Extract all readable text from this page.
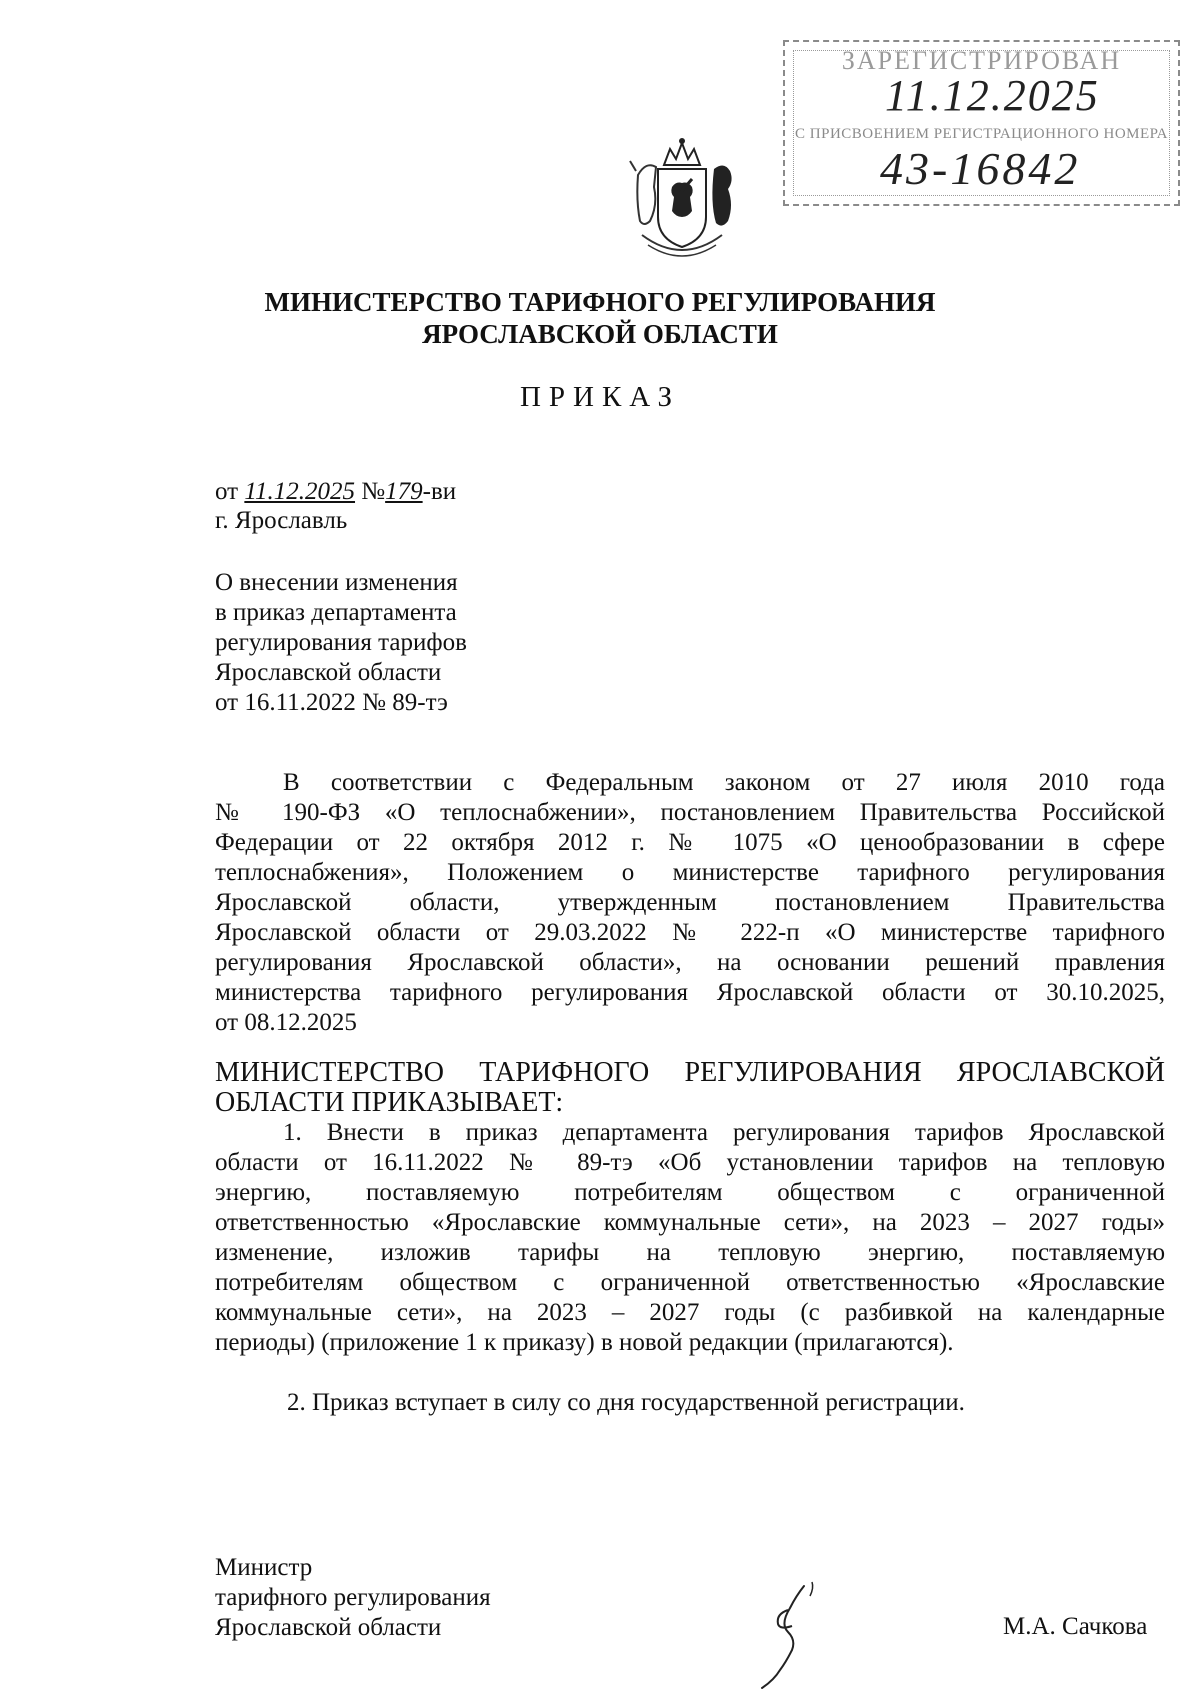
ЗАРЕГИСТРИРОВАН
11.12.2025
С ПРИСВОЕНИЕМ РЕГИСТРАЦИОННОГО НОМЕРА
43-16842
МИНИСТЕРСТВО ТАРИФНОГО РЕГУЛИРОВАНИЯ
ЯРОСЛАВСКОЙ ОБЛАСТИ
ПРИКАЗ
от 11.12.2025 №179-ви
г. Ярославль
О внесении изменения
в приказ департамента
регулирования тарифов
Ярославской области
от 16.11.2022 № 89-тэ
В соответствии с Федеральным законом от 27 июля 2010 года
№ 190-ФЗ «О теплоснабжении», постановлением Правительства Российской
Федерации от 22 октября 2012 г. № 1075 «О ценообразовании в сфере
теплоснабжения», Положением о министерстве тарифного регулирования
Ярославской области, утвержденным постановлением Правительства
Ярославской области от 29.03.2022 № 222-п «О министерстве тарифного
регулирования Ярославской области», на основании решений правления
министерства тарифного регулирования Ярославской области от 30.10.2025,
от 08.12.2025
МИНИСТЕРСТВО ТАРИФНОГО РЕГУЛИРОВАНИЯ ЯРОСЛАВСКОЙ
ОБЛАСТИ ПРИКАЗЫВАЕТ:
1. Внести в приказ департамента регулирования тарифов Ярославской
области от 16.11.2022 № 89-тэ «Об установлении тарифов на тепловую
энергию, поставляемую потребителям обществом с ограниченной
ответственностью «Ярославские коммунальные сети», на 2023 – 2027 годы»
изменение, изложив тарифы на тепловую энергию, поставляемую
потребителям обществом с ограниченной ответственностью «Ярославские
коммунальные сети», на 2023 – 2027 годы (с разбивкой на календарные
периоды) (приложение 1 к приказу) в новой редакции (прилагаются).
2. Приказ вступает в силу со дня государственной регистрации.
Министр
тарифного регулирования
Ярославской области	М.А. Сачкова
